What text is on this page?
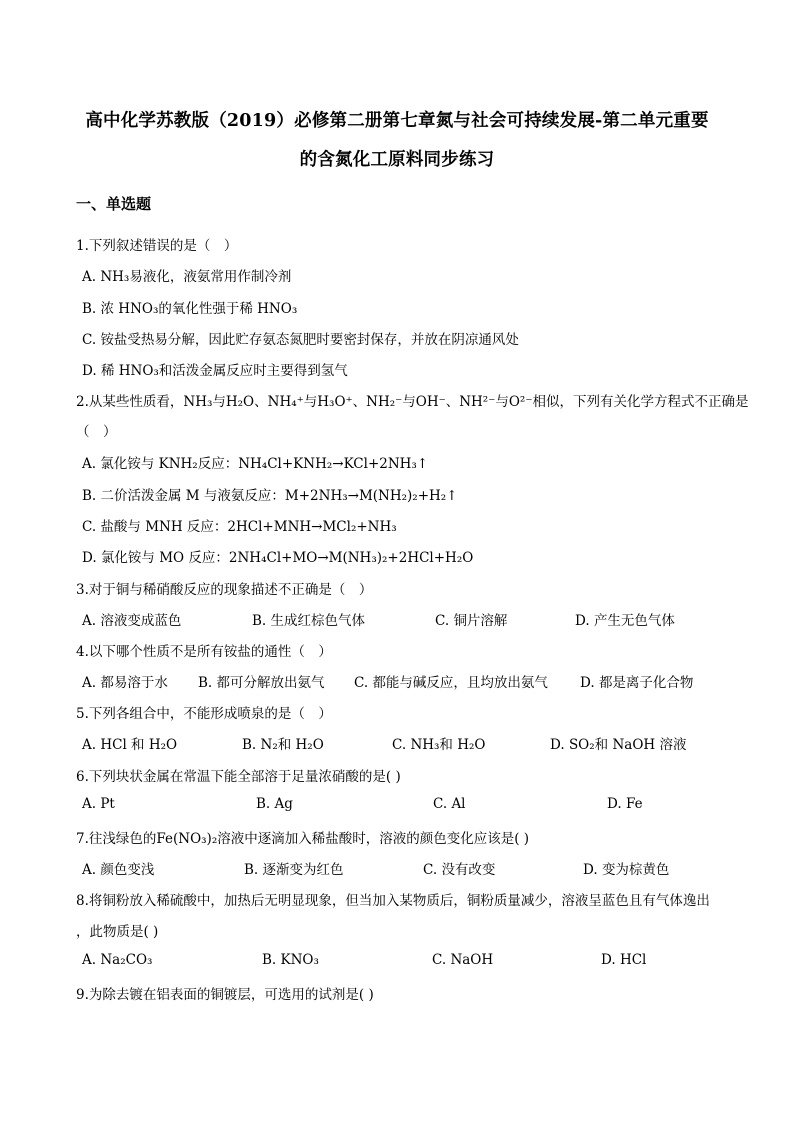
高中化学苏教版（2019）必修第二册第七章氮与社会可持续发展-第二单元重要
的含氮化工原料同步练习
一、单选题
1.下列叙述错误的是（　）
A. NH₃易液化，液氨常用作制冷剂
B. 浓 HNO₃的氧化性强于稀 HNO₃
C. 铵盐受热易分解，因此贮存氨态氮肥时要密封保存，并放在阴凉通风处
D. 稀 HNO₃和活泼金属反应时主要得到氢气
2.从某些性质看，NH₃与H₂O、NH₄⁺与H₃O⁺、NH₂⁻与OH⁻、NH²⁻与O²⁻相似，下列有关化学方程式不正确是
（　）
A. 氯化铵与 KNH₂反应：NH₄Cl+KNH₂→KCl+2NH₃↑
B. 二价活泼金属 M 与液氨反应：M+2NH₃→M(NH₂)₂+H₂↑
C. 盐酸与 MNH 反应：2HCl+MNH→MCl₂+NH₃
D. 氯化铵与 MO 反应：2NH₄Cl+MO→M(NH₃)₂+2HCl+H₂O
3.对于铜与稀硝酸反应的现象描述不正确是（　）
A. 溶液变成蓝色	B. 生成红棕色气体	C. 铜片溶解	D. 产生无色气体
4.以下哪个性质不是所有铵盐的通性（　）
A. 都易溶于水 B. 都可分解放出氨气 C. 都能与碱反应，且均放出氨气 D. 都是离子化合物
5.下列各组合中，不能形成喷泉的是（　）
A. HCl 和 H₂O	B. N₂和 H₂O	C. NH₃和 H₂O	D. SO₂和 NaOH 溶液
6.下列块状金属在常温下能全部溶于足量浓硝酸的是( )
A. Pt	B. Ag	C. Al	D. Fe
7.往浅绿色的Fe(NO₃)₂溶液中逐滴加入稀盐酸时，溶液的颜色变化应该是( )
A. 颜色变浅	B. 逐渐变为红色	C. 没有改变	D. 变为棕黄色
8.将铜粉放入稀硫酸中，加热后无明显现象，但当加入某物质后，铜粉质量减少，溶液呈蓝色且有气体逸出
，此物质是( )
A. Na₂CO₃	B. KNO₃	C. NaOH	D. HCl
9.为除去镀在铝表面的铜镀层，可选用的试剂是( )
